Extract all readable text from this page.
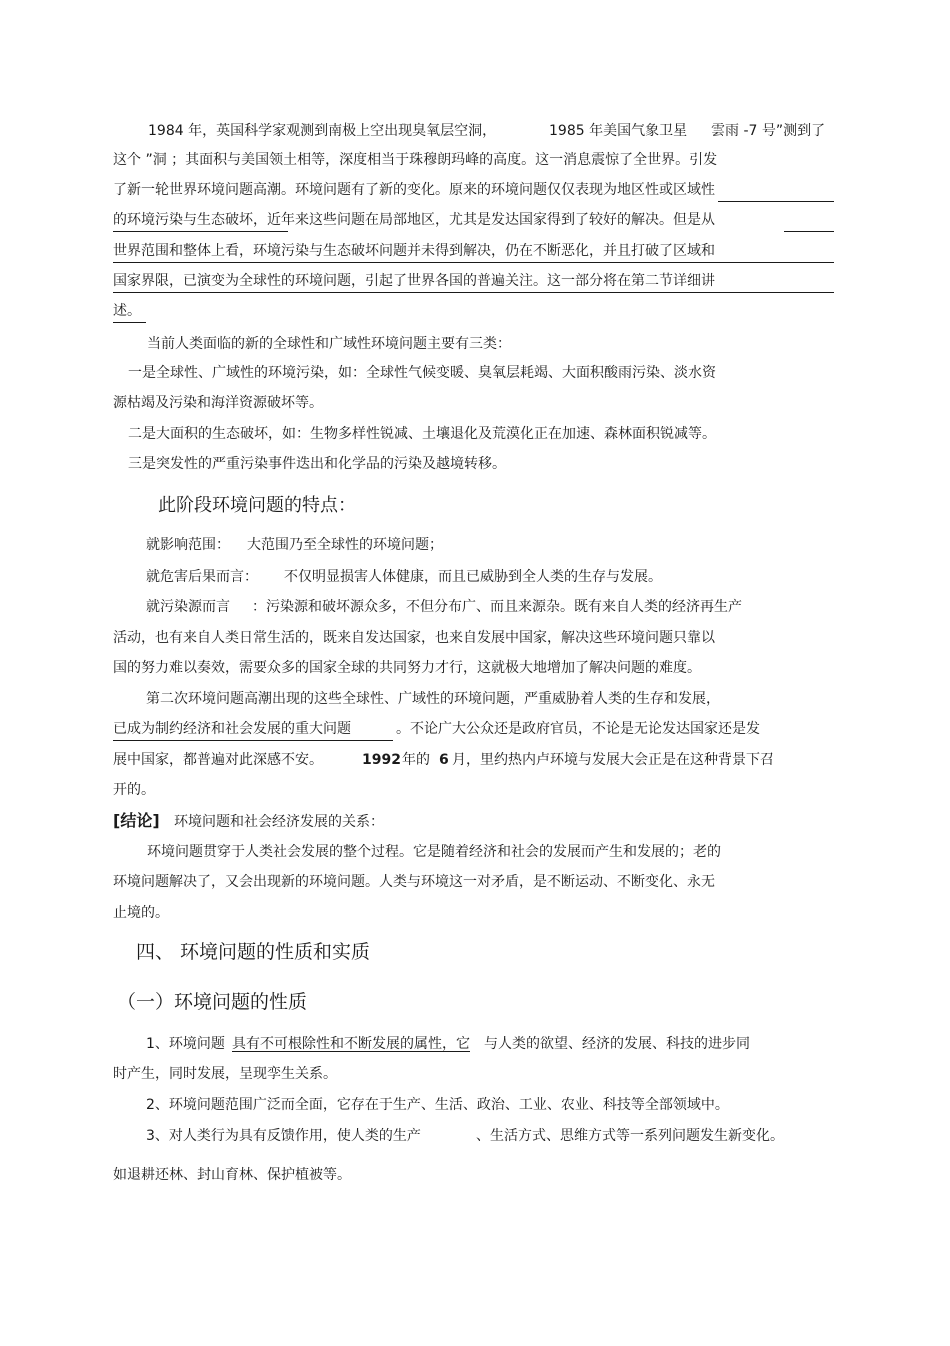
1984 年，英国科学家观测到南极上空出现臭氧层空洞，	1985 年美国气象卫星 雲雨 -7 号”测到了
这个 ”洞 ；其面积与美国领土相等，深度相当于珠穆朗玛峰的高度。这一消息震惊了全世界。引发
了新一轮世界环境问题高潮。环境问题有了新的变化。原来的环境问题仅仅表现为地区性或区域性
的环境污染与生态破坏，近年来这些问题在局部地区，尤其是发达国家得到了较好的解决。但是从
世界范围和整体上看，环境污染与生态破坏问题并未得到解决，仍在不断恶化，并且打破了区域和
国家界限，已演变为全球性的环境问题，引起了世界各国的普遍关注。这一部分将在第二节详细讲
述。
当前人类面临的新的全球性和广域性环境问题主要有三类：
一是全球性、广域性的环境污染，如：全球性气候变暖、臭氧层耗竭、大面积酸雨污染、淡水资
源枯竭及污染和海洋资源破坏等。
二是大面积的生态破坏，如：生物多样性锐减、土壤退化及荒漠化正在加速、森林面积锐减等。
三是突发性的严重污染事件迭出和化学品的污染及越境转移。
此阶段环境问题的特点：
就影响范围： 大范围乃至全球性的环境问题；
就危害后果而言： 不仅明显损害人体健康，而且已威胁到全人类的生存与发展。
就污染源而言 ：污染源和破坏源众多，不但分布广、而且来源杂。既有来自人类的经济再生产
活动，也有来自人类日常生活的，既来自发达国家，也来自发展中国家，解决这些环境问题只靠以
国的努力难以奏效，需要众多的国家全球的共同努力才行，这就极大地增加了解决问题的难度。
第二次环境问题高潮出现的这些全球性、广域性的环境问题，严重威胁着人类的生存和发展，
已成为制约经济和社会发展的重大问题	。不论广大公众还是政府官员，不论是无论发达国家还是发
展中国家，都普遍对此深感不安。	1992 年的 6 月，里约热内卢环境与发展大会正是在这种背景下召
开的。
[结论] 环境问题和社会经济发展的关系：
环境问题贯穿于人类社会发展的整个过程。它是随着经济和社会的发展而产生和发展的；老的
环境问题解决了，又会出现新的环境问题。人类与环境这一对矛盾，是不断运动、不断变化、永无
止境的。
四、 环境问题的性质和实质
（一）环境问题的性质
1、环境问题 具有不可根除性和不断发展的属性，它 与人类的欲望、经济的发展、科技的进步同
时产生，同时发展，呈现孪生关系。
2、环境问题范围广泛而全面，它存在于生产、生活、政治、工业、农业、科技等全部领域中。
3、对人类行为具有反馈作用，使人类的生产	、生活方式、思维方式等一系列问题发生新变化。
如退耕还林、封山育林、保护植被等。
